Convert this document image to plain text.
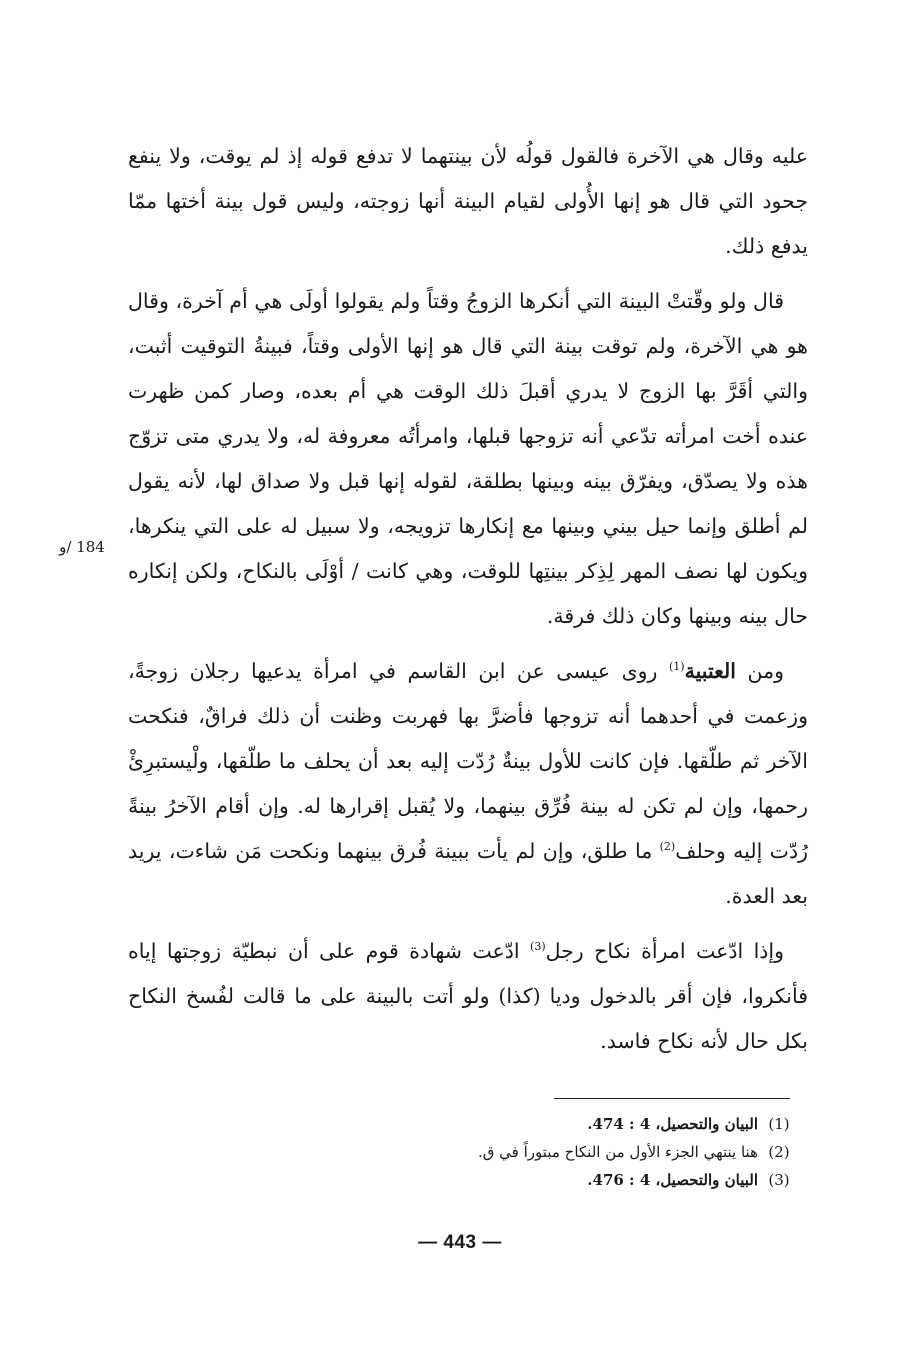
عليه وقال هي الآخرة فالقول قولُه لأن بينتهما لا تدفع قوله إذ لم يوقت، ولا ينفع جحود التي قال هو إنها الأُولى لقيام البينة أنها زوجته، وليس قول بينة أختها ممّا يدفع ذلك.

قال ولو وقّتتْ البينة التي أنكرها الزوجُ وقتاً ولم يقولوا أولَى هي أم آخرة، وقال هو هي الآخرة، ولم توقت بينة التي قال هو إنها الأولى وقتاً، فبينةُ التوقيت أثبت، والتي أقَرَّ بها الزوج لا يدري أقبلَ ذلك الوقت هي أم بعده، وصار كمن ظهرت عنده أخت امرأته تدّعي أنه تزوجها قبلها، وامرأتُه معروفة له، ولا يدري متى تزوّج هذه ولا يصدّق، ويفرّق بينه وبينها بطلقة، لقوله إنها قبل ولا صداق لها، لأنه يقول لم أطلق وإنما حيل بيني وبينها مع إنكارها تزويجه، ولا سبيل له على التي ينكرها، ويكون لها نصف المهر لِذِكر بينتِها للوقت، وهي كانت / أوْلَى بالنكاح، ولكن إنكاره حال بينه وبينها وكان ذلك فرقة.

ومن العتبية$^{(1)}$ روى عيسى عن ابن القاسم في امرأة يدعيها رجلان زوجةً، وزعمت في أحدهما أنه تزوجها فأضرَّ بها فهربت وظنت أن ذلك فراقٌ، فنكحت الآخر ثم طلّقها. فإن كانت للأول بينةٌ رُدّت إليه بعد أن يحلف ما طلّقها، ولْيستبرِئْ رحمها، وإن لم تكن له بينة فُرِّق بينهما، ولا يُقبل إقرارها له. وإن أقام الآخرُ بينةً رُدّت إليه وحلف$^{(2)}$ ما طلق، وإن لم يأت ببينة فُرق بينهما ونكحت مَن شاءت، يريد بعد العدة.

وإذا ادّعت امرأة نكاح رجل$^{(3)}$ ادّعت شهادة قوم على أن نبطيّة زوجتها إياه فأنكروا، فإن أقر بالدخول وديا (كذا) ولو أتت بالبينة على ما قالت لفُسخ النكاح بكل حال لأنه نكاح فاسد.

184 /و
(1)
البيان والتحصيل، 4 : 474.
(2)
هنا ينتهي الجزء الأول من النكاح مبتوراً في ق.
(3)
البيان والتحصيل، 4 : 476.
— 443 —
